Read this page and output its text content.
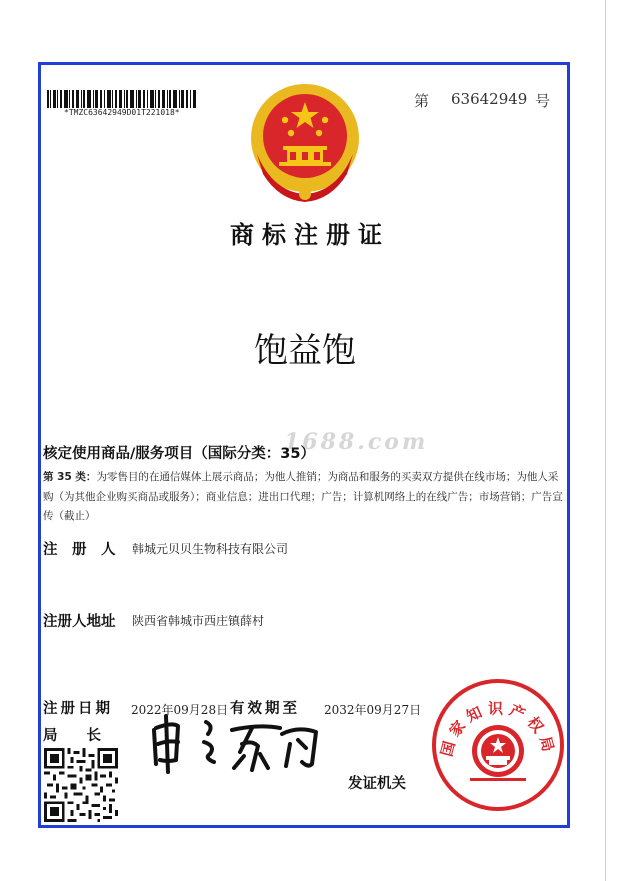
*TMZC63642949D01T221018*
第 63642949 号
商标注册证
饱益饱
1688.com
核定使用商品/服务项目（国际分类：35）
第 35 类：为零售目的在通信媒体上展示商品；为他人推销；为商品和服务的买卖双方提供在线市场；为他人采购（为其他企业购买商品或服务）；商业信息；进出口代理；广告；计算机网络上的在线广告；市场营销；广告宣传（截止）
注　册　人 韩城元贝贝生物科技有限公司
注册人地址 陕西省韩城市西庄镇薛村
注册日期 2022年09月28日 有效期至 2032年09月27日
局　　长
发证机关
国家知识产权局
